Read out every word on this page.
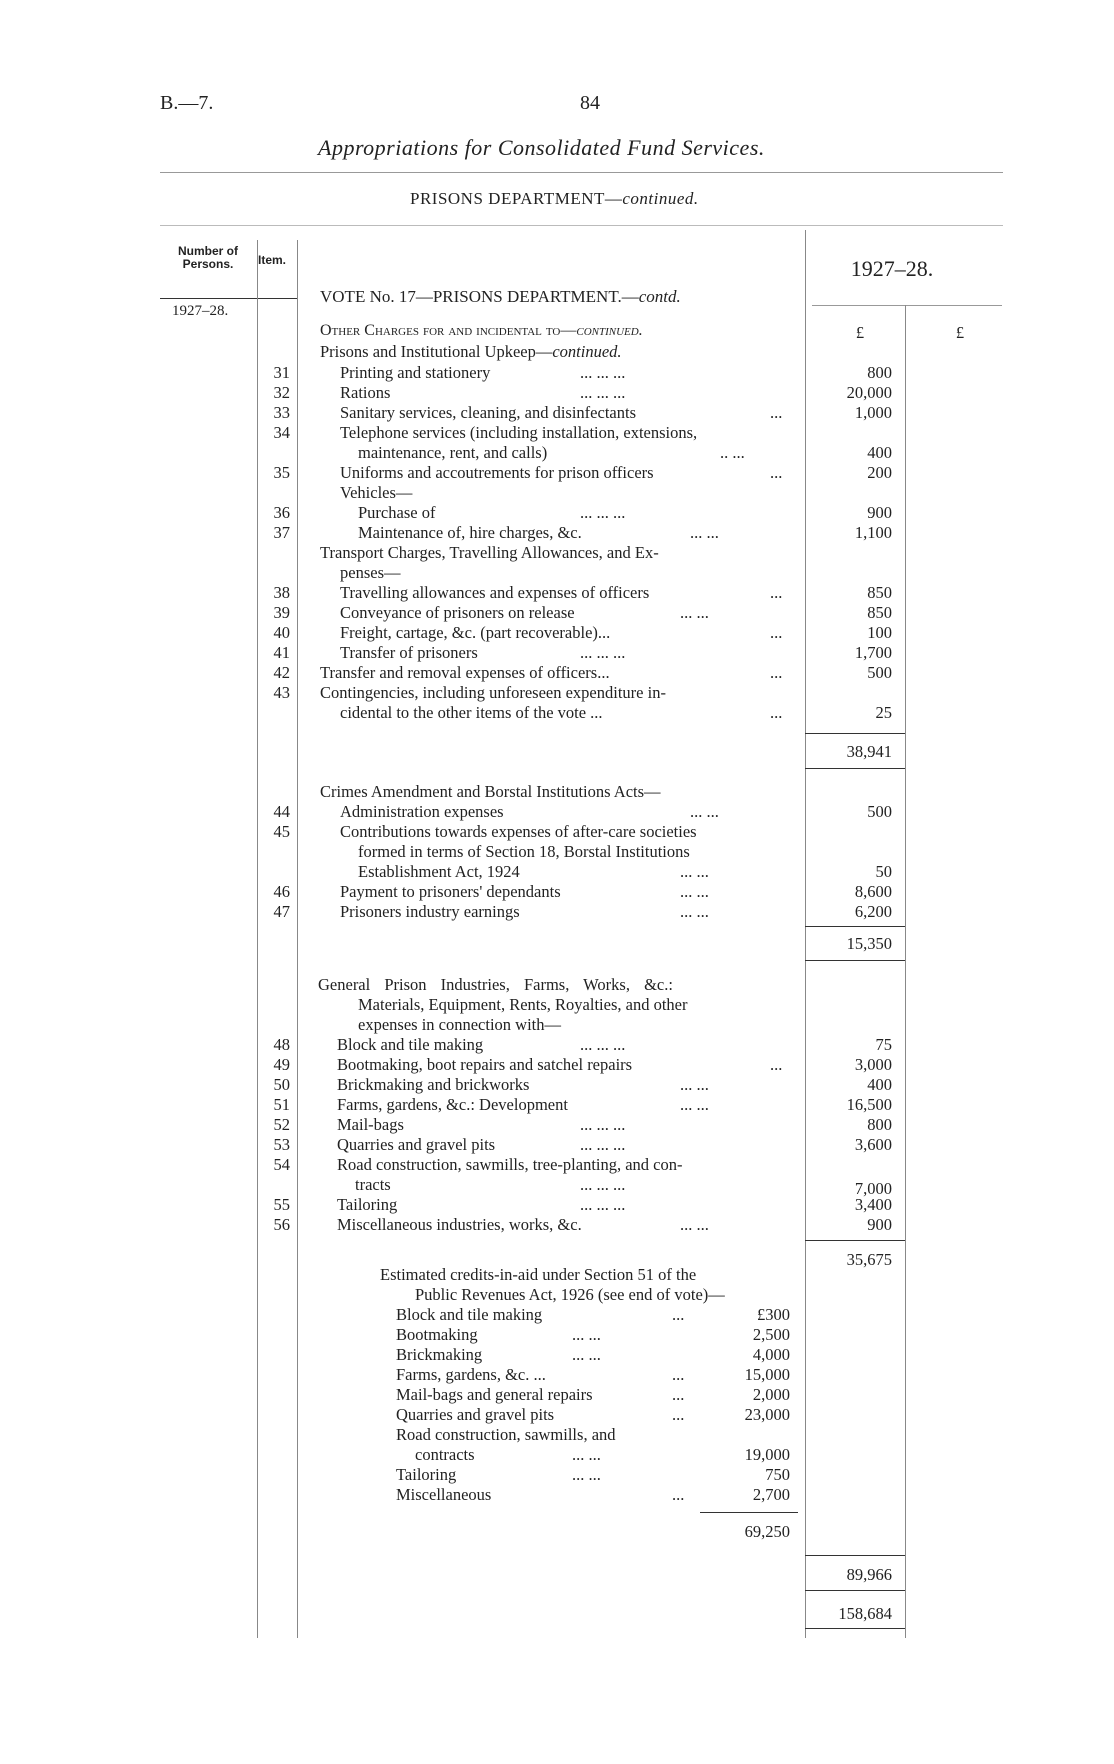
B.—7.	84
Appropriations for Consolidated Fund Services.
PRISONS DEPARTMENT—continued.
Number of Persons.	Item.	1927–28.
VOTE No. 17—PRISONS DEPARTMENT.—contd.
1927–28.
Other Charges for and incidental to—continued.	£	£
Prisons and Institutional Upkeep—continued.
31	Printing and stationery	... ... ...	800
32	Rations	... ... ...	20,000
33	Sanitary services, cleaning, and disinfectants	...	1,000
34	Telephone services (including installation, extensions,
maintenance, rent, and calls)	.. ...	400
35	Uniforms and accoutrements for prison officers	...	200
Vehicles—
36	Purchase of	... ... ...	900
37	Maintenance of, hire charges, &c.	... ...	1,100
Transport Charges, Travelling Allowances, and Ex-
penses—
38	Travelling allowances and expenses of officers	...	850
39	Conveyance of prisoners on release	... ...	850
40	Freight, cartage, &c. (part recoverable)...	...	100
41	Transfer of prisoners	... ... ...	1,700
42 Transfer and removal expenses of officers...	...	500
43 Contingencies, including unforeseen expenditure in-
cidental to the other items of the vote ...	...	25
38,941
Crimes Amendment and Borstal Institutions Acts—
44	Administration expenses	... ...	500
45	Contributions towards expenses of after-care societies
formed in terms of Section 18, Borstal Institutions
Establishment Act, 1924	... ...	50
46	Payment to prisoners' dependants	... ...	8,600
47	Prisoners industry earnings	... ...	6,200
15,350
General Prison Industries, Farms, Works, &c.:
Materials, Equipment, Rents, Royalties, and other
expenses in connection with—
48	Block and tile making	... ... ...	75
49	Bootmaking, boot repairs and satchel repairs	...	3,000
50	Brickmaking and brickworks	... ...	400
51	Farms, gardens, &c.: Development	... ...	16,500
52	Mail-bags	... ... ...	800
53	Quarries and gravel pits	... ... ...	3,600
54	Road construction, sawmills, tree-planting, and con-
tracts	... ... ...	7,000
55	Tailoring	... ... ...	3,400
56	Miscellaneous industries, works, &c.	... ...	900
35,675
Estimated credits-in-aid under Section 51 of the
Public Revenues Act, 1926 (see end of vote)—
Block and tile making	...	£300
Bootmaking	... ...	2,500
Brickmaking	... ...	4,000
Farms, gardens, &c. ...	...	15,000
Mail-bags and general repairs	...	2,000
Quarries and gravel pits	...	23,000
Road construction, sawmills, and
contracts	... ...	19,000
Tailoring	... ...	750
Miscellaneous	...	2,700
69,250
89,966
158,684
